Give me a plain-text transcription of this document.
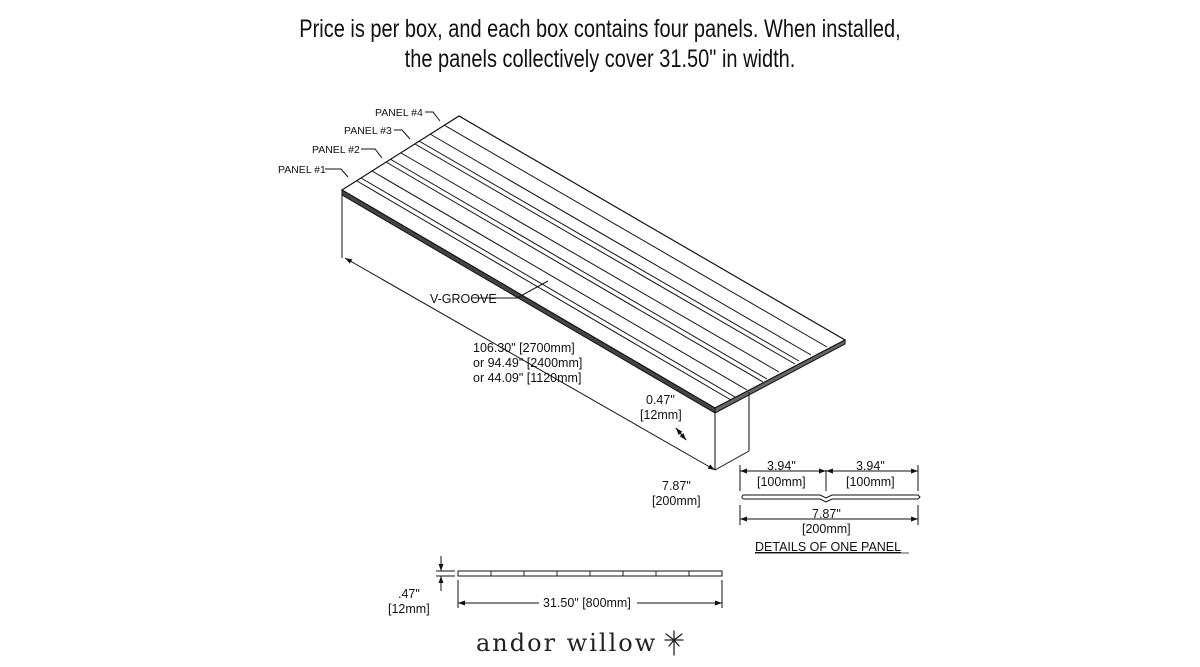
Price is per box, and each box contains four panels. When installed,
the panels collectively cover 31.50" in width.
PANEL #1
PANEL #2
PANEL #3
PANEL #4
V-GROOVE
106.30" [2700mm]
or 94.49" [2400mm]
or 44.09" [1120mm]
0.47"
[12mm]
7.87"
[200mm]
3.94"
[100mm]
3.94"
[100mm]
7.87"
[200mm]
DETAILS OF ONE PANEL
.47"
[12mm]	31.50" [800mm]
andor willow
